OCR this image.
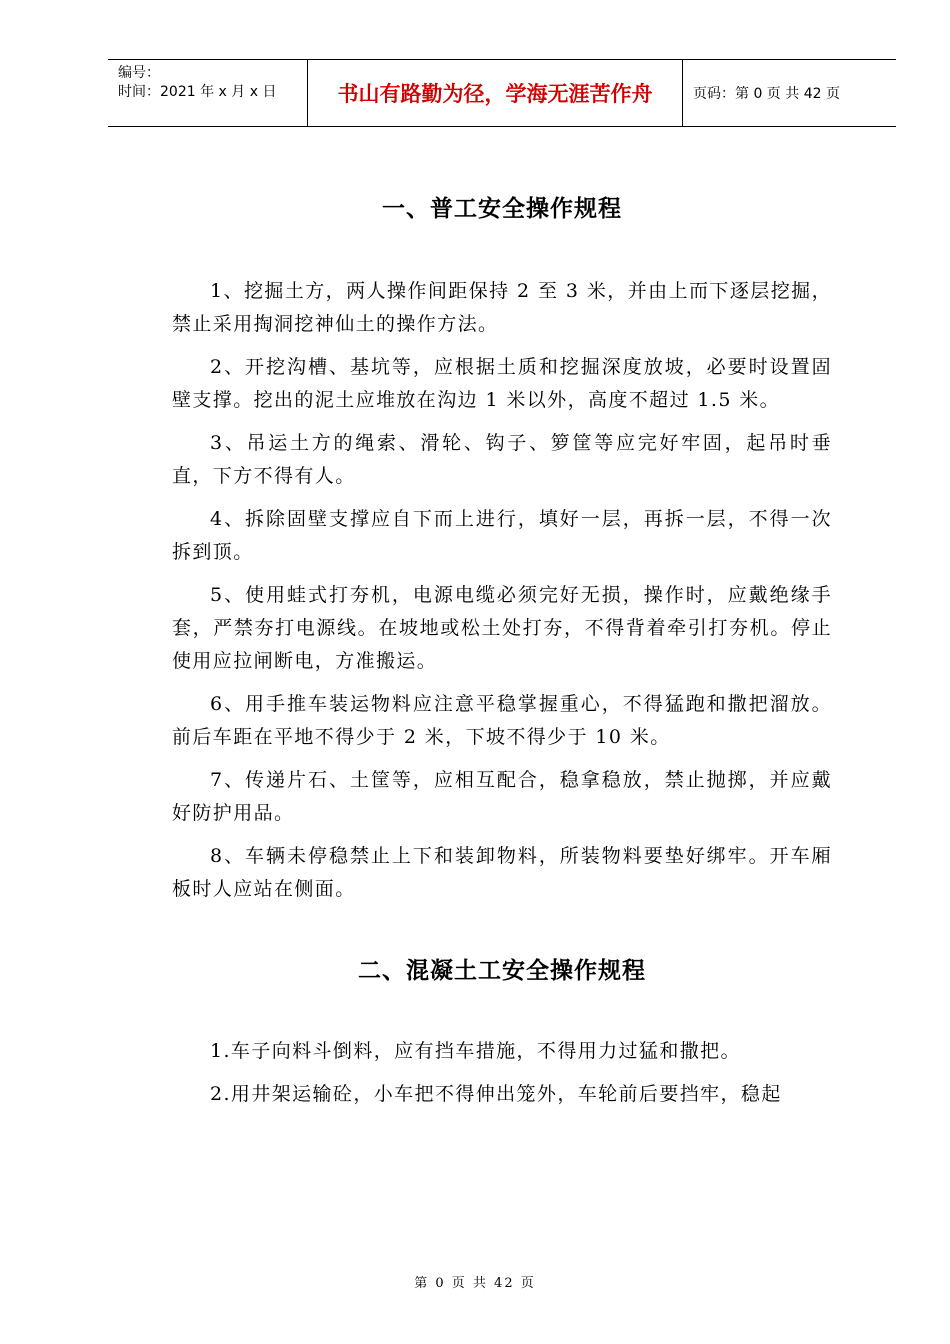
编号：
时间：2021 年 x 月 x 日	书山有路勤为径，学海无涯苦作舟	页码：第 0 页 共 42 页
一、普工安全操作规程

1、挖掘土方，两人操作间距保持 2 至 3 米，并由上而下逐层挖掘，禁止采用掏洞挖神仙土的操作方法。

2、开挖沟槽、基坑等，应根据土质和挖掘深度放坡，必要时设置固壁支撑。挖出的泥土应堆放在沟边 1 米以外，高度不超过 1.5 米。

3、吊运土方的绳索、滑轮、钩子、箩筐等应完好牢固，起吊时垂直，下方不得有人。

4、拆除固壁支撑应自下而上进行，填好一层，再拆一层，不得一次拆到顶。

5、使用蛙式打夯机，电源电缆必须完好无损，操作时，应戴绝缘手套，严禁夯打电源线。在坡地或松土处打夯，不得背着牵引打夯机。停止使用应拉闸断电，方准搬运。

6、用手推车装运物料应注意平稳掌握重心，不得猛跑和撒把溜放。前后车距在平地不得少于 2 米，下坡不得少于 10 米。

7、传递片石、土筐等，应相互配合，稳拿稳放，禁止抛掷，并应戴好防护用品。

8、车辆未停稳禁止上下和装卸物料，所装物料要垫好绑牢。开车厢板时人应站在侧面。

二、混凝土工安全操作规程

1.车子向料斗倒料，应有挡车措施，不得用力过猛和撒把。

2.用井架运输砼，小车把不得伸出笼外，车轮前后要挡牢，稳起

第 0 页 共 42 页
